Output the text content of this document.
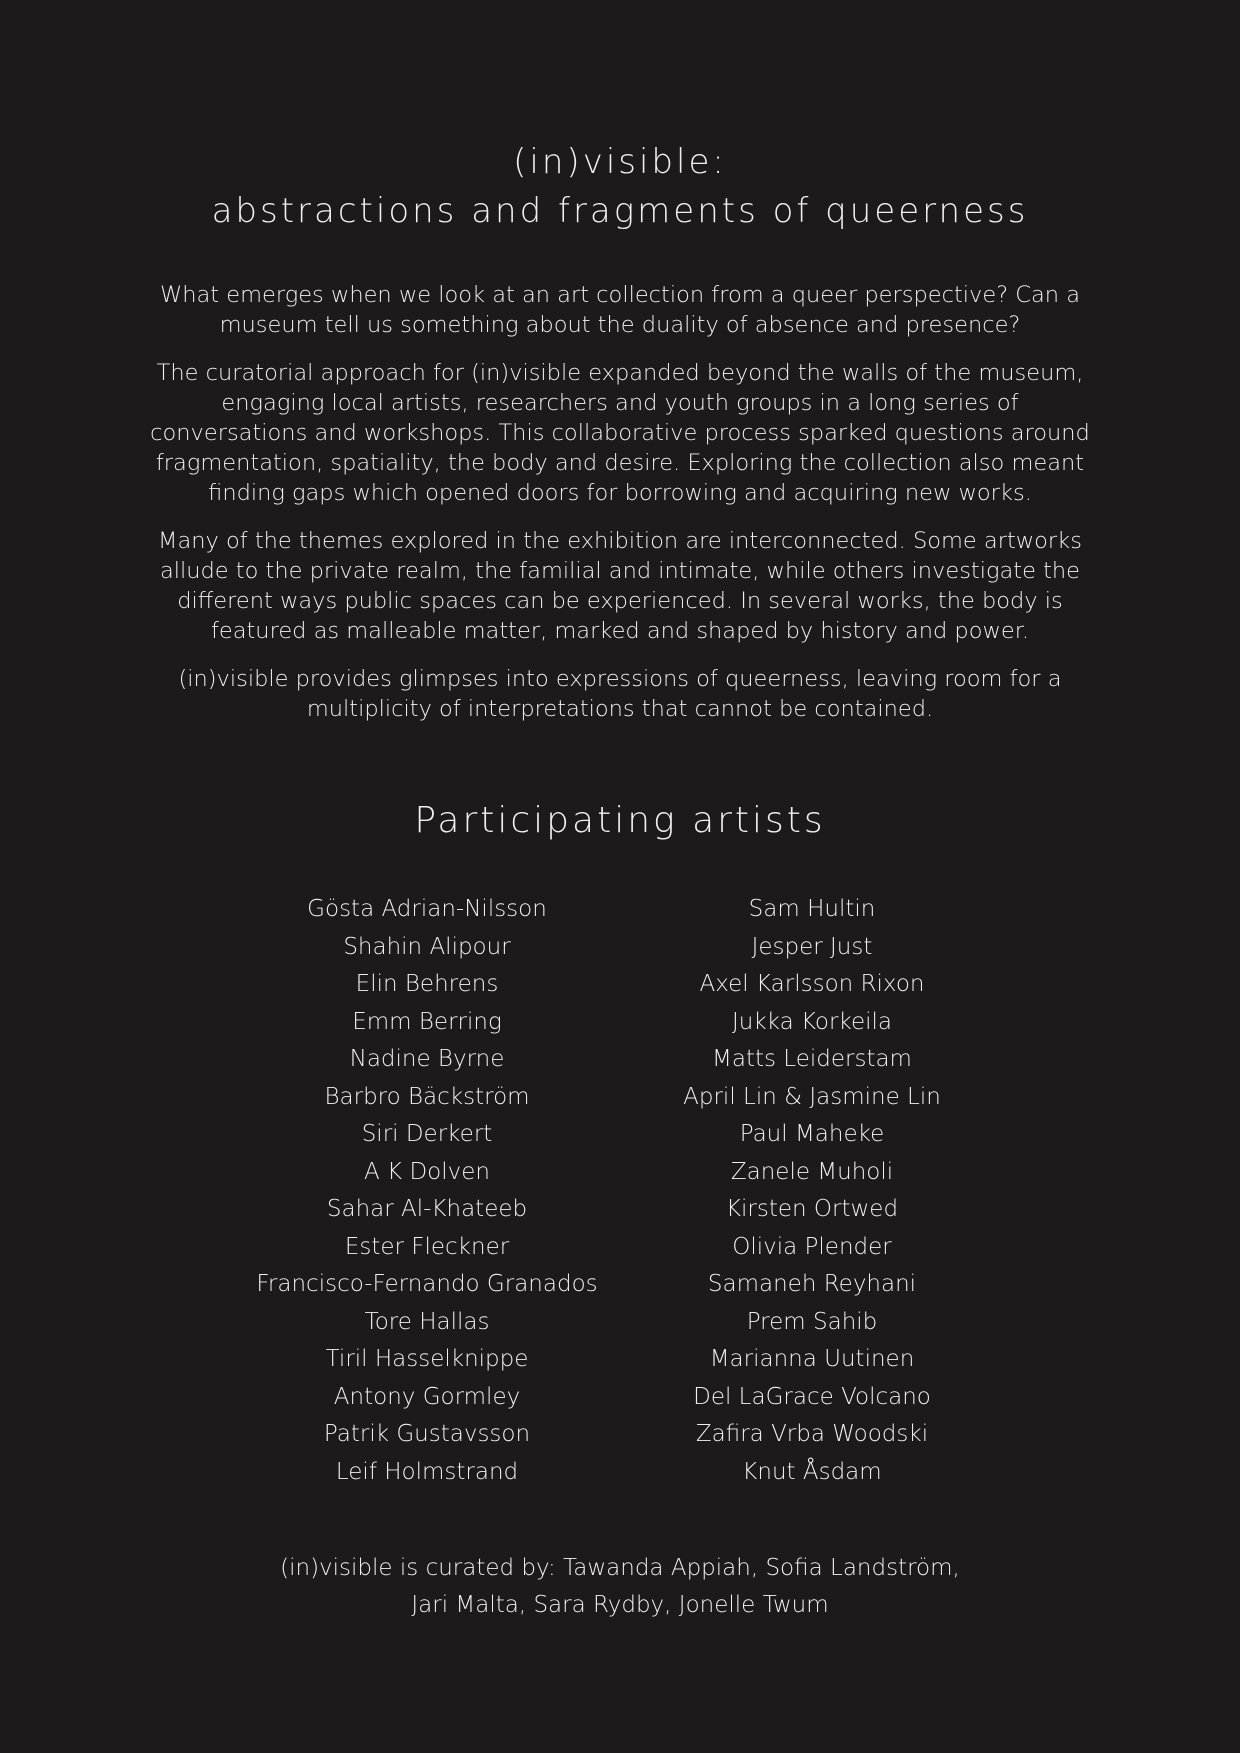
(in)visible:
abstractions and fragments of queerness

What emerges when we look at an art collection from a queer perspective? Can a museum tell us something about the duality of absence and presence?

The curatorial approach for (in)visible expanded beyond the walls of the museum, engaging local artists, researchers and youth groups in a long series of conversations and workshops. This collaborative process sparked questions around fragmentation, spatiality, the body and desire. Exploring the collection also meant finding gaps which opened doors for borrowing and acquiring new works.

Many of the themes explored in the exhibition are interconnected. Some artworks allude to the private realm, the familial and intimate, while others investigate the different ways public spaces can be experienced. In several works, the body is featured as malleable matter, marked and shaped by history and power.

(in)visible provides glimpses into expressions of queerness, leaving room for a multiplicity of interpretations that cannot be contained.

Participating artists
Gösta Adrian-Nilsson
Shahin Alipour
Elin Behrens
Emm Berring
Nadine Byrne
Barbro Bäckström
Siri Derkert
A K Dolven
Sahar Al-Khateeb
Ester Fleckner
Francisco-Fernando Granados
Tore Hallas
Tiril Hasselknippe
Antony Gormley
Patrik Gustavsson
Leif Holmstrand
Sam Hultin
Jesper Just
Axel Karlsson Rixon
Jukka Korkeila
Matts Leiderstam
April Lin & Jasmine Lin
Paul Maheke
Zanele Muholi
Kirsten Ortwed
Olivia Plender
Samaneh Reyhani
Prem Sahib
Marianna Uutinen
Del LaGrace Volcano
Zafira Vrba Woodski
Knut Åsdam
(in)visible is curated by: Tawanda Appiah, Sofia Landström,
Jari Malta, Sara Rydby, Jonelle Twum
